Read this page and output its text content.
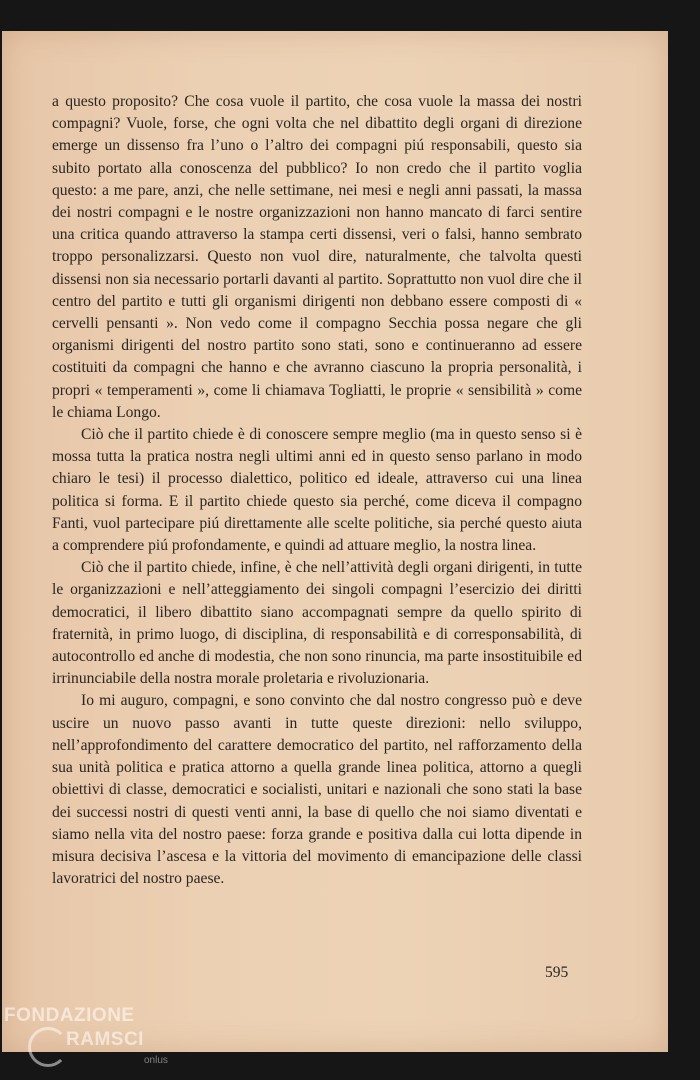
a questo proposito? Che cosa vuole il partito, che cosa vuole la massa dei nostri compagni? Vuole, forse, che ogni volta che nel dibattito degli organi di direzione emerge un dissenso fra l’uno o l’altro dei compagni piú responsabili, questo sia subito portato alla conoscenza del pubblico? Io non credo che il partito voglia questo: a me pare, anzi, che nelle settimane, nei mesi e negli anni passati, la massa dei nostri compagni e le nostre organizzazioni non hanno mancato di farci sentire una critica quando attraverso la stampa certi dissensi, veri o falsi, hanno sembrato troppo personalizzarsi. Questo non vuol dire, naturalmente, che talvolta questi dissensi non sia necessario portarli davanti al partito. Soprattutto non vuol dire che il centro del partito e tutti gli organismi dirigenti non debbano essere composti di « cervelli pensanti ». Non vedo come il compagno Secchia possa negare che gli organismi dirigenti del nostro partito sono stati, sono e continueranno ad essere costituiti da compagni che hanno e che avranno ciascuno la propria personalità, i propri « temperamenti », come li chiamava Togliatti, le proprie « sensibilità » come le chiama Longo.

Ciò che il partito chiede è di conoscere sempre meglio (ma in questo senso si è mossa tutta la pratica nostra negli ultimi anni ed in questo senso parlano in modo chiaro le tesi) il processo dialettico, politico ed ideale, attraverso cui una linea politica si forma. E il partito chiede questo sia perché, come diceva il compagno Fanti, vuol partecipare piú direttamente alle scelte politiche, sia perché questo aiuta a comprendere piú profondamente, e quindi ad attuare meglio, la nostra linea.

Ciò che il partito chiede, infine, è che nell’attività degli organi dirigenti, in tutte le organizzazioni e nell’atteggiamento dei singoli compagni l’esercizio dei diritti democratici, il libero dibattito siano accompagnati sempre da quello spirito di fraternità, in primo luogo, di disciplina, di responsabilità e di corresponsabilità, di autocontrollo ed anche di modestia, che non sono rinuncia, ma parte insostituibile ed irrinunciabile della nostra morale proletaria e rivoluzionaria.

Io mi auguro, compagni, e sono convinto che dal nostro congresso può e deve uscire un nuovo passo avanti in tutte queste direzioni: nello sviluppo, nell’approfondimento del carattere democratico del partito, nel rafforzamento della sua unità politica e pratica attorno a quella grande linea politica, attorno a quegli obiettivi di classe, democratici e socialisti, unitari e nazionali che sono stati la base dei successi nostri di questi venti anni, la base di quello che noi siamo diventati e siamo nella vita del nostro paese: forza grande e positiva dalla cui lotta dipende in misura decisiva l’ascesa e la vittoria del movimento di emancipazione delle classi lavoratrici del nostro paese.

595
FONDAZIONE
RAMSCI
onlus
